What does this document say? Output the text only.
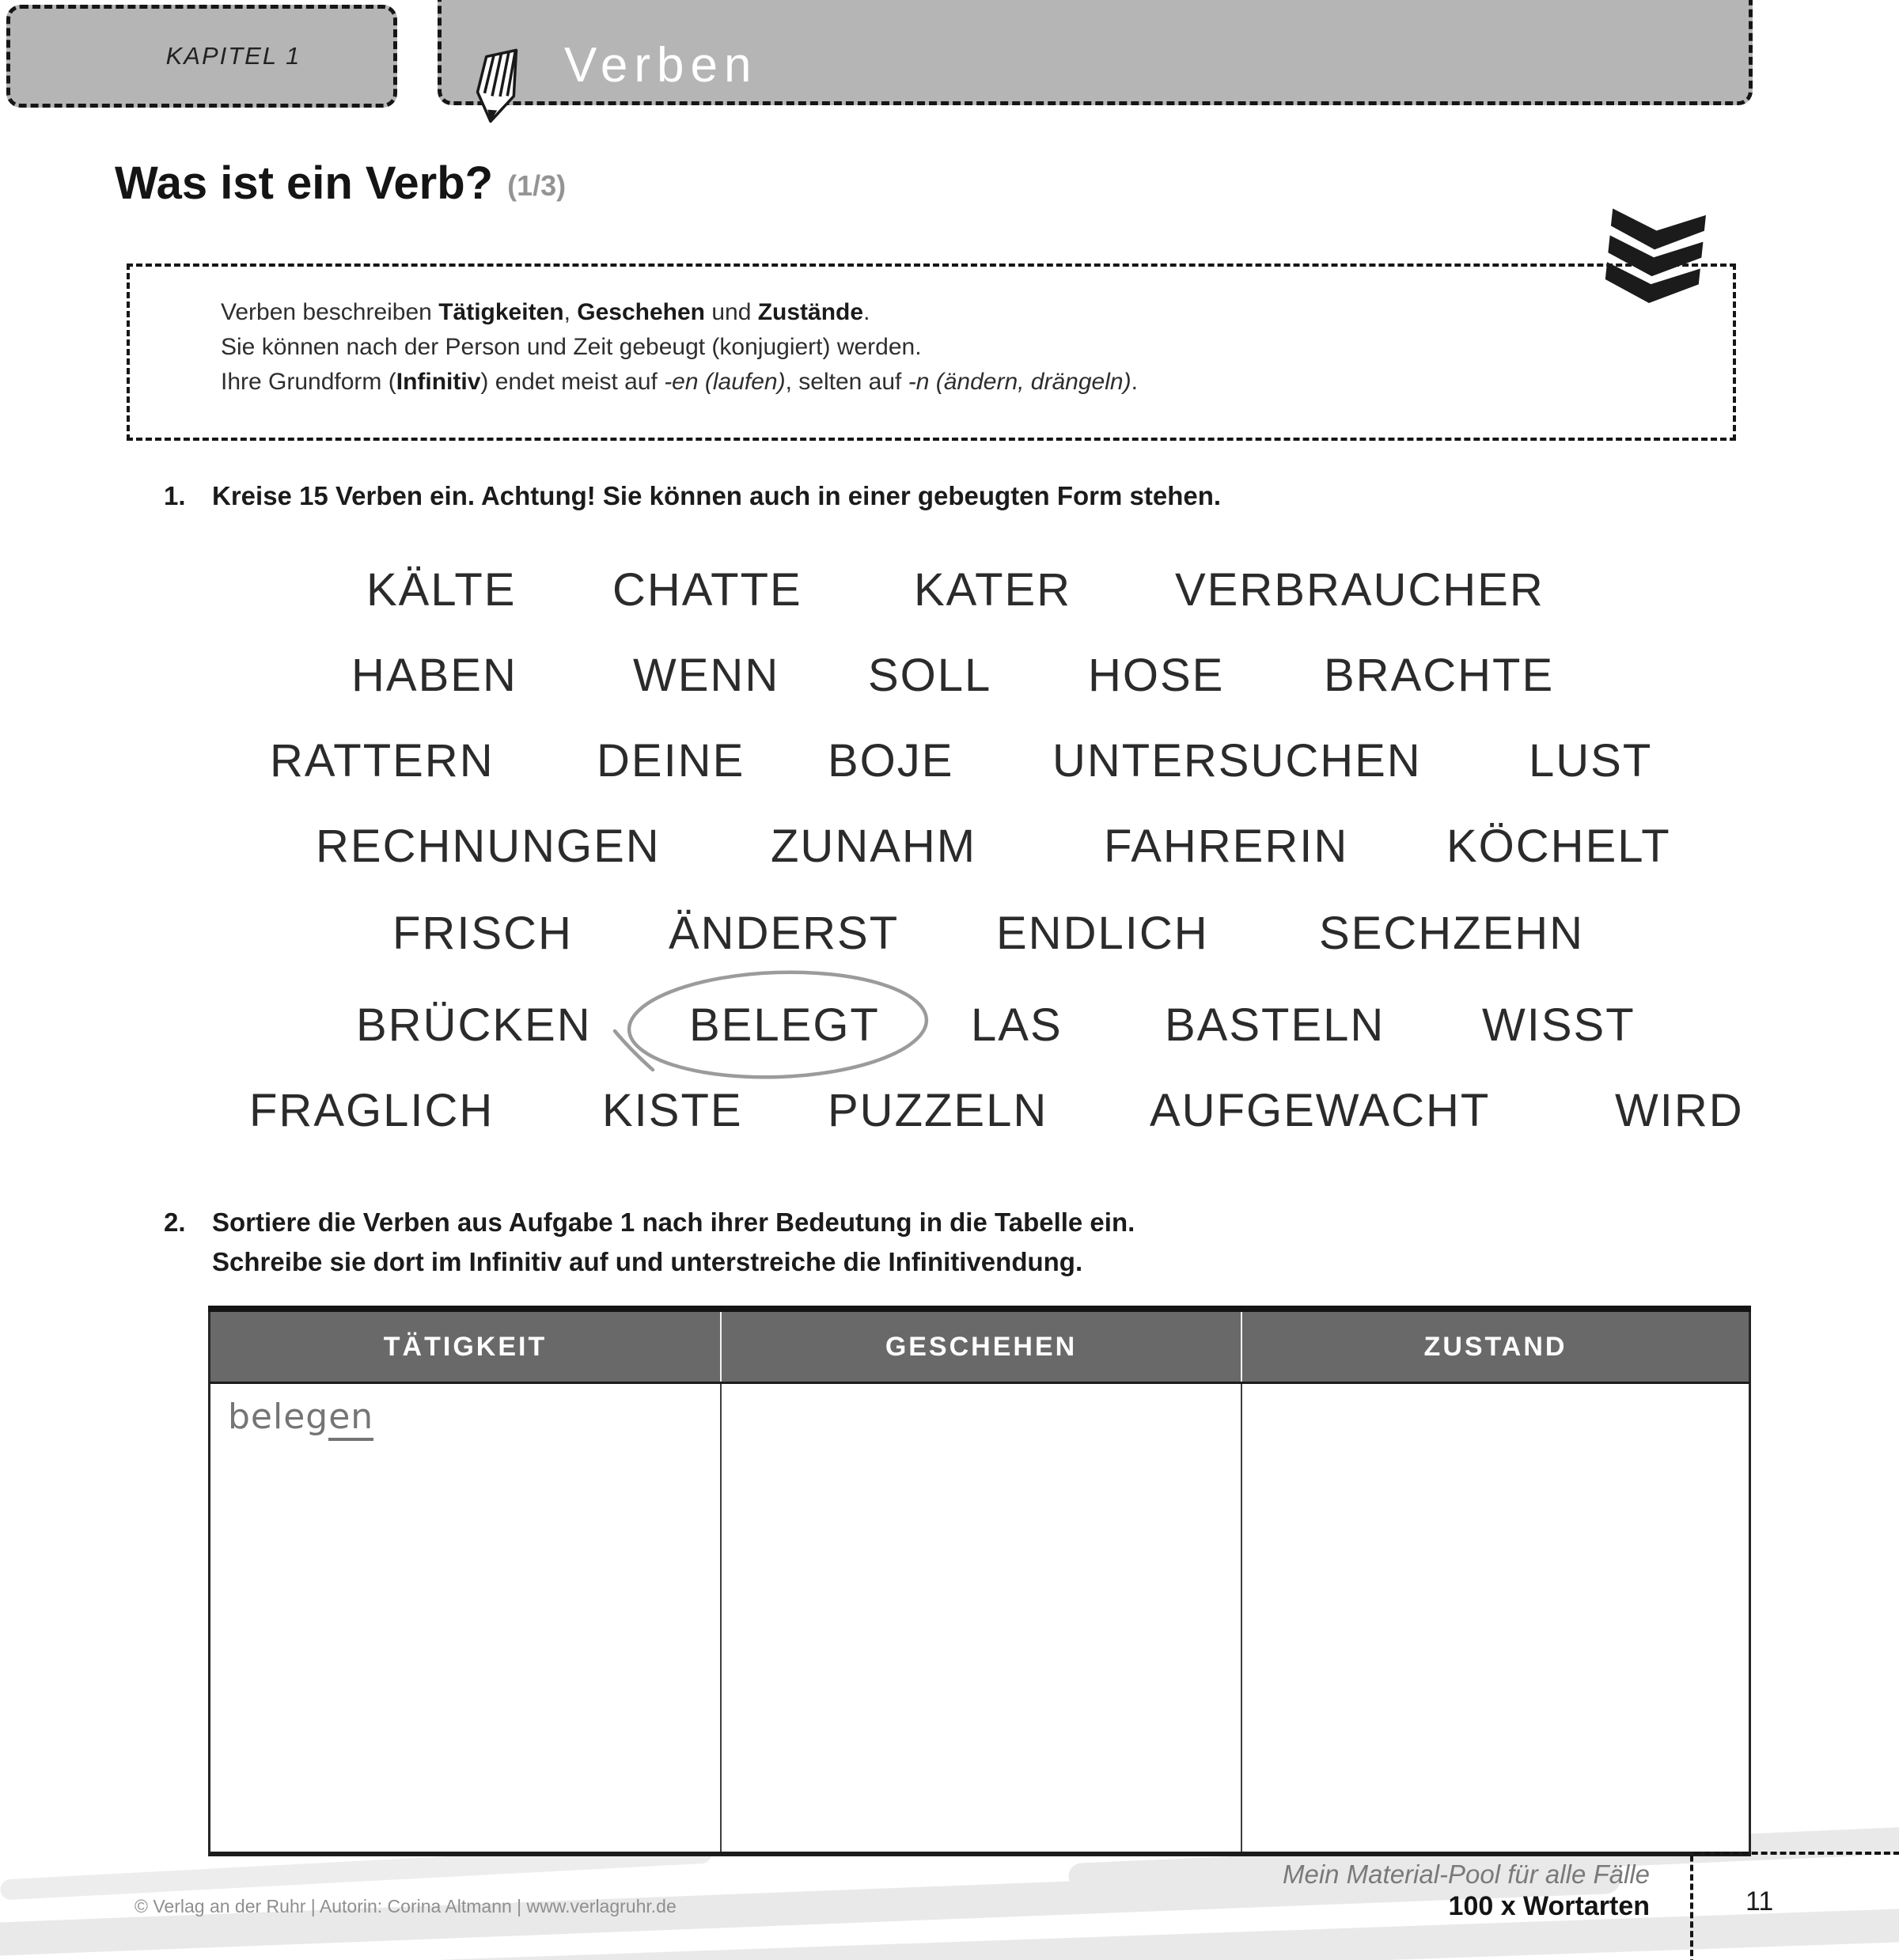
KAPITEL 1	Verben
Was ist ein Verb? (1/3)
Verben beschreiben Tätigkeiten, Geschehen und Zustände.
Sie können nach der Person und Zeit gebeugt (konjugiert) werden.
Ihre Grundform (Infinitiv) endet meist auf -en (laufen), selten auf -n (ändern, drängeln).
1. Kreise 15 Verben ein. Achtung! Sie können auch in einer gebeugten Form stehen.
KÄLTE CHATTE KATER VERBRAUCHER
HABEN	WENN SOLL HOSE BRACHTE
RATTERN DEINE BOJE UNTERSUCHEN LUST
RECHNUNGEN ZUNAHM	FAHRERIN KÖCHELT
FRISCH ÄNDERST ENDLICH SECHZEHN
BRÜCKEN BELEGT LAS BASTELN WISST
FRAGLICH KISTE PUZZELN AUFGEWACHT	WIRD
2. Sortiere die Verben aus Aufgabe 1 nach ihrer Bedeutung in die Tabelle ein.
Schreibe sie dort im Infinitiv auf und unterstreiche die Infinitivendung.
TÄTIGKEIT	GESCHEHEN	ZUSTAND
belegen
© Verlag an der Ruhr | Autorin: Corina Altmann | www.verlagruhr.de
Mein Material-Pool für alle Fälle
100 x Wortarten	11
